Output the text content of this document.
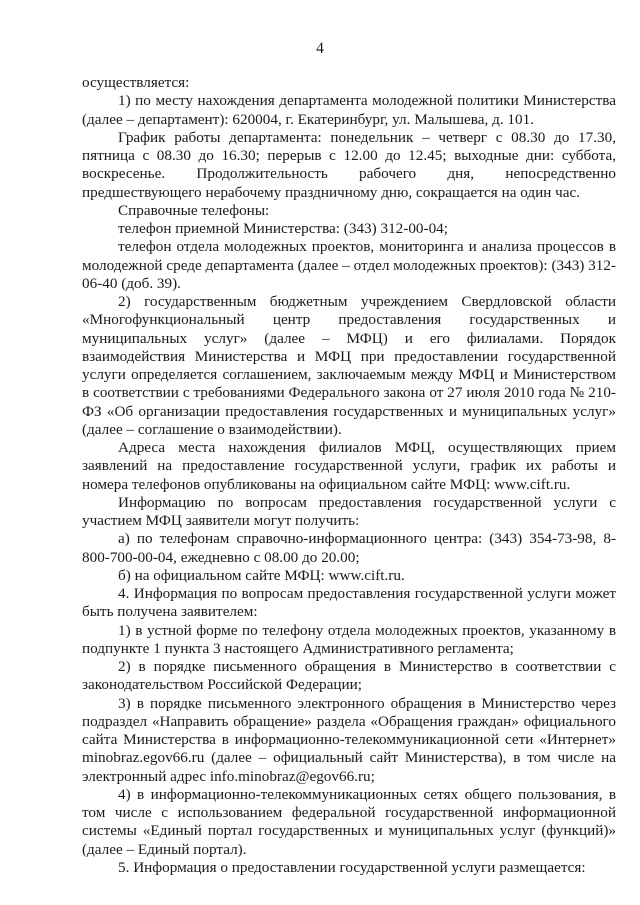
4

осуществляется:

1) по месту нахождения департамента молодежной политики Министерства (далее – департамент): 620004, г. Екатеринбург, ул. Малышева, д. 101.

График работы департамента: понедельник – четверг с 08.30 до 17.30, пятница с 08.30 до 16.30; перерыв с 12.00 до 12.45; выходные дни: суббота, воскресенье. Продолжительность рабочего дня, непосредственно предшествующего нерабочему праздничному дню, сокращается на один час.

Справочные телефоны:

телефон приемной Министерства: (343) 312-00-04;

телефон отдела молодежных проектов, мониторинга и анализа процессов в молодежной среде департамента (далее – отдел молодежных проектов): (343) 312-06-40 (доб. 39).

2) государственным бюджетным учреждением Свердловской области «Многофункциональный центр предоставления государственных и муниципальных услуг» (далее – МФЦ) и его филиалами. Порядок взаимодействия Министерства и МФЦ при предоставлении государственной услуги определяется соглашением, заключаемым между МФЦ и Министерством в соответствии с требованиями Федерального закона от 27 июля 2010 года № 210-ФЗ «Об организации предоставления государственных и муниципальных услуг» (далее – соглашение о взаимодействии).

Адреса места нахождения филиалов МФЦ, осуществляющих прием заявлений на предоставление государственной услуги, график их работы и номера телефонов опубликованы на официальном сайте МФЦ: www.cift.ru.

Информацию по вопросам предоставления государственной услуги с участием МФЦ заявители могут получить:

а) по телефонам справочно-информационного центра: (343) 354-73-98, 8-800-700-00-04, ежедневно с 08.00 до 20.00;

б) на официальном сайте МФЦ: www.cift.ru.

4. Информация по вопросам предоставления государственной услуги может быть получена заявителем:

1) в устной форме по телефону отдела молодежных проектов, указанному в подпункте 1 пункта 3 настоящего Административного регламента;

2) в порядке письменного обращения в Министерство в соответствии с законодательством Российской Федерации;

3) в порядке письменного электронного обращения в Министерство через подраздел «Направить обращение» раздела «Обращения граждан» официального сайта Министерства в информационно-телекоммуникационной сети «Интернет» minobraz.egov66.ru (далее – официальный сайт Министерства), в том числе на электронный адрес info.minobraz@egov66.ru;

4) в информационно-телекоммуникационных сетях общего пользования, в том числе с использованием федеральной государственной информационной системы «Единый портал государственных и муниципальных услуг (функций)» (далее – Единый портал).

5. Информация о предоставлении государственной услуги размещается:
